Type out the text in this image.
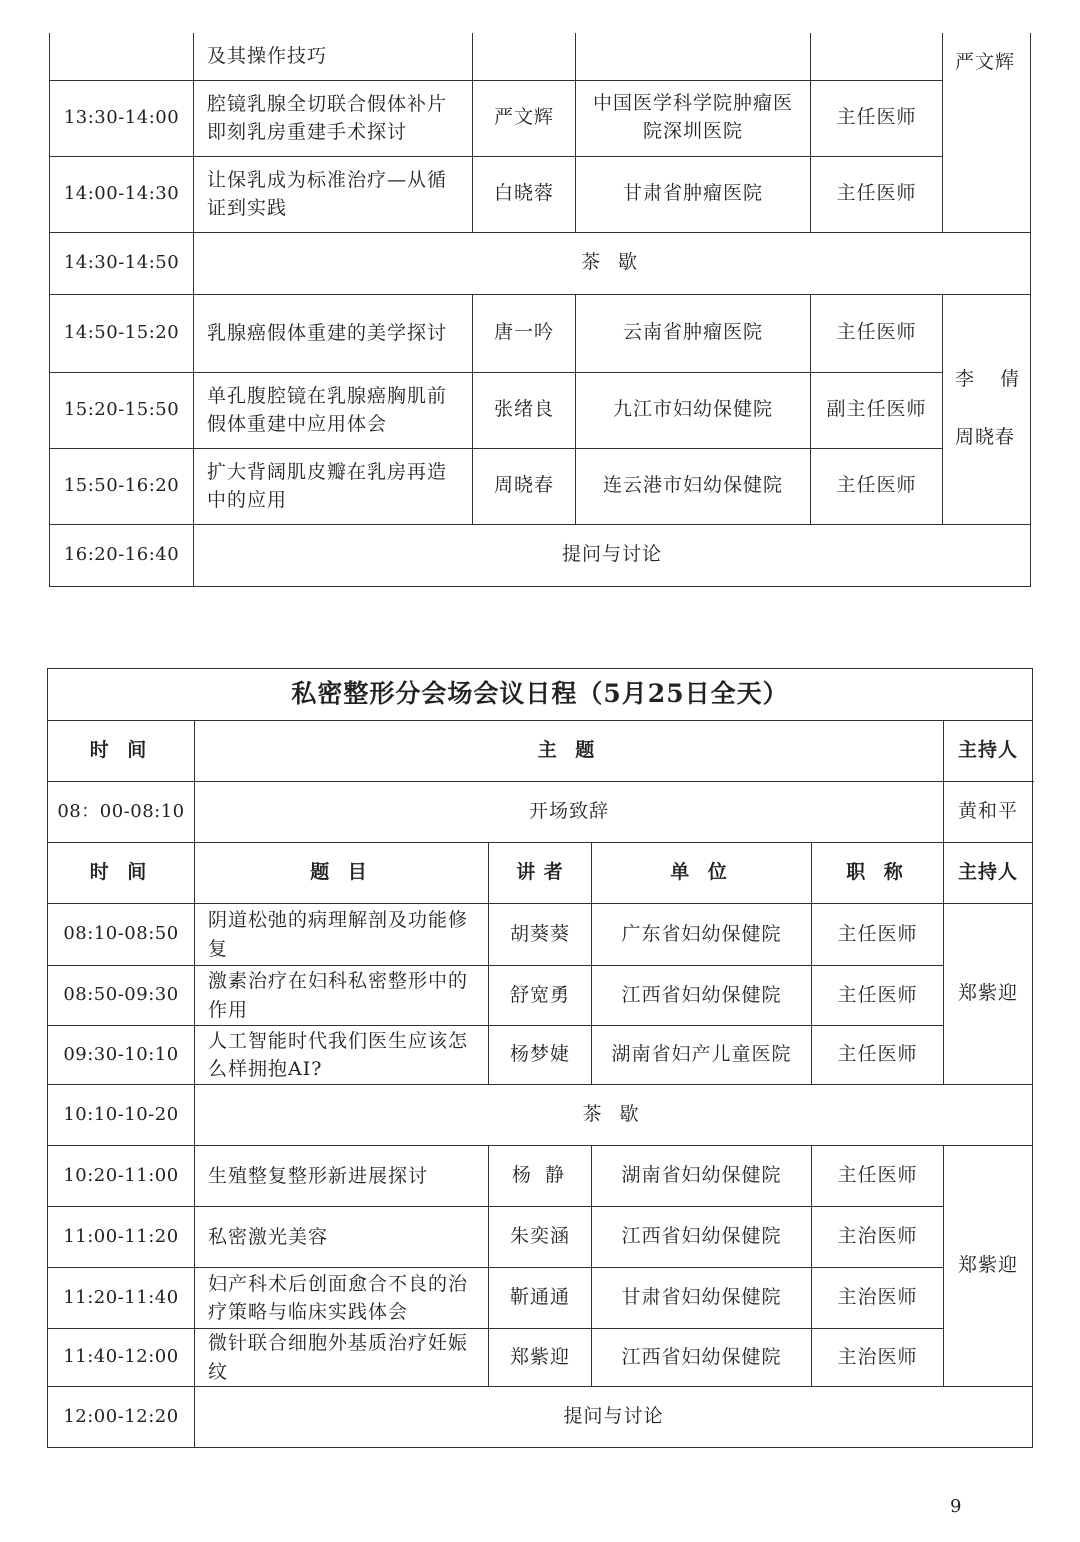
	及其操作技巧				严文辉
13:30-14:00	腔镜乳腺全切联合假体补片即刻乳房重建手术探讨	严文辉	中国医学科学院肿瘤医院深圳医院	主任医师	
14:00-14:30	让保乳成为标准治疗—从循证到实践	白晓蓉	甘肃省肿瘤医院	主任医师	
14:30-14:50	茶 歇				
14:50-15:20	乳腺癌假体重建的美学探讨	唐一吟	云南省肿瘤医院	主任医师	李 倩
周晓春

15:20-15:50	单孔腹腔镜在乳腺癌胸肌前假体重建中应用体会	张绪良	九江市妇幼保健院	副主任医师	
15:50-16:20	扩大背阔肌皮瓣在乳房再造中的应用	周晓春	连云港市妇幼保健院	主任医师	
16:20-16:40	提问与讨论				
私密整形分会场会议日程（5月25日全天）					
时 间	主 题				主持人
08：00-08:10	开场致辞				黄和平
时 间	题 目	讲 者	单 位	职 称	主持人
08:10-08:50	阴道松弛的病理解剖及功能修复	胡葵葵	广东省妇幼保健院	主任医师	郑紫迎
08:50-09:30	激素治疗在妇科私密整形中的作用	舒宽勇	江西省妇幼保健院	主任医师	
09:30-10:10	人工智能时代我们医生应该怎么样拥抱AI?	杨梦婕	湖南省妇产儿童医院	主任医师	
10:10-10-20	茶 歇				
10:20-11:00	生殖整复整形新进展探讨	杨 静	湖南省妇幼保健院	主任医师	郑紫迎
11:00-11:20	私密激光美容	朱奕涵	江西省妇幼保健院	主治医师	
11:20-11:40	妇产科术后创面愈合不良的治疗策略与临床实践体会	靳通通	甘肃省妇幼保健院	主治医师	
11:40-12:00	微针联合细胞外基质治疗妊娠纹	郑紫迎	江西省妇幼保健院	主治医师	
12:00-12:20	提问与讨论				
9
